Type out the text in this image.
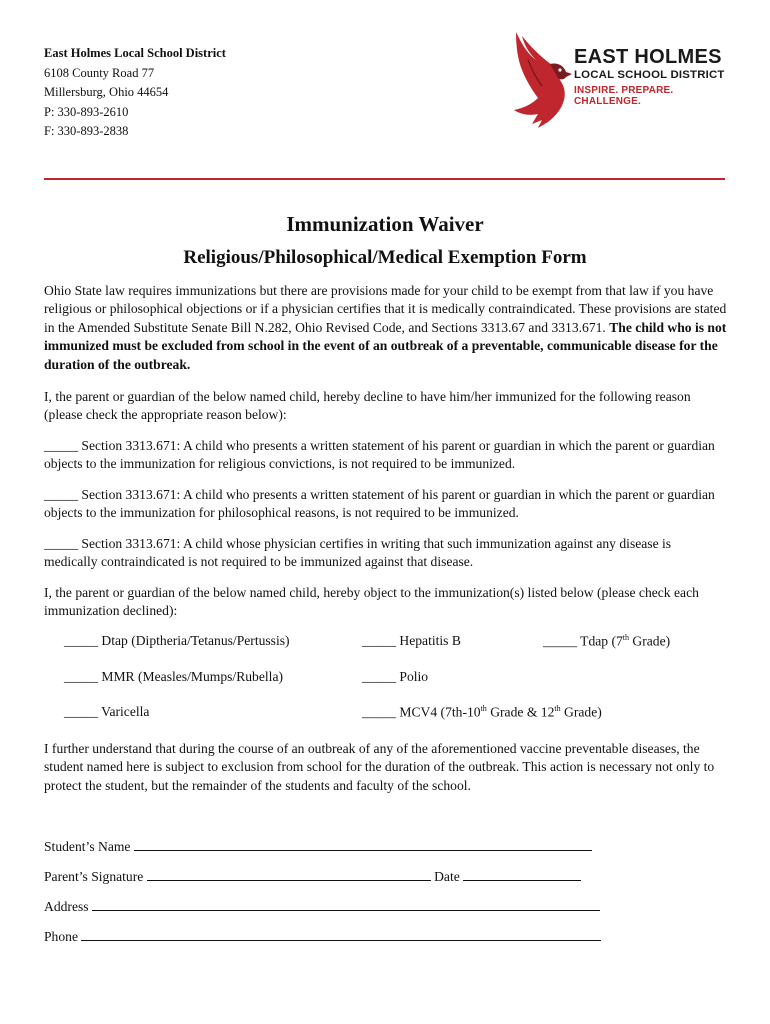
East Holmes Local School District
6108 County Road 77
Millersburg, Ohio 44654
P: 330-893-2610
F: 330-893-2838
EAST HOLMES
LOCAL SCHOOL DISTRICT
INSPIRE. PREPARE. CHALLENGE.
Immunization Waiver
Religious/Philosophical/Medical Exemption Form
Ohio State law requires immunizations but there are provisions made for your child to be exempt from that law if you have religious or philosophical objections or if a physician certifies that it is medically contraindicated. These provisions are stated in the Amended Substitute Senate Bill N.282, Ohio Revised Code, and Sections 3313.67 and 3313.671. The child who is not immunized must be excluded from school in the event of an outbreak of a preventable, communicable disease for the duration of the outbreak.
I, the parent or guardian of the below named child, hereby decline to have him/her immunized for the following reason (please check the appropriate reason below):
_____ Section 3313.671: A child who presents a written statement of his parent or guardian in which the parent or guardian objects to the immunization for religious convictions, is not required to be immunized.
_____ Section 3313.671: A child who presents a written statement of his parent or guardian in which the parent or guardian objects to the immunization for philosophical reasons, is not required to be immunized.
_____ Section 3313.671: A child whose physician certifies in writing that such immunization against any disease is medically contraindicated is not required to be immunized against that disease.
I, the parent or guardian of the below named child, hereby object to the immunization(s) listed below (please check each immunization declined):
_____ Dtap (Diptheria/Tetanus/Pertussis)	_____ Hepatitis B	_____ Tdap (7th Grade)
_____ MMR (Measles/Mumps/Rubella)	_____ Polio
_____ Varicella	_____ MCV4 (7th-10th Grade & 12th Grade)
I further understand that during the course of an outbreak of any of the aforementioned vaccine preventable diseases, the student named here is subject to exclusion from school for the duration of the outbreak. This action is necessary not only to protect the student, but the remainder of the students and faculty of the school.
Student’s Name
Parent’s Signature	Date
Address
Phone
